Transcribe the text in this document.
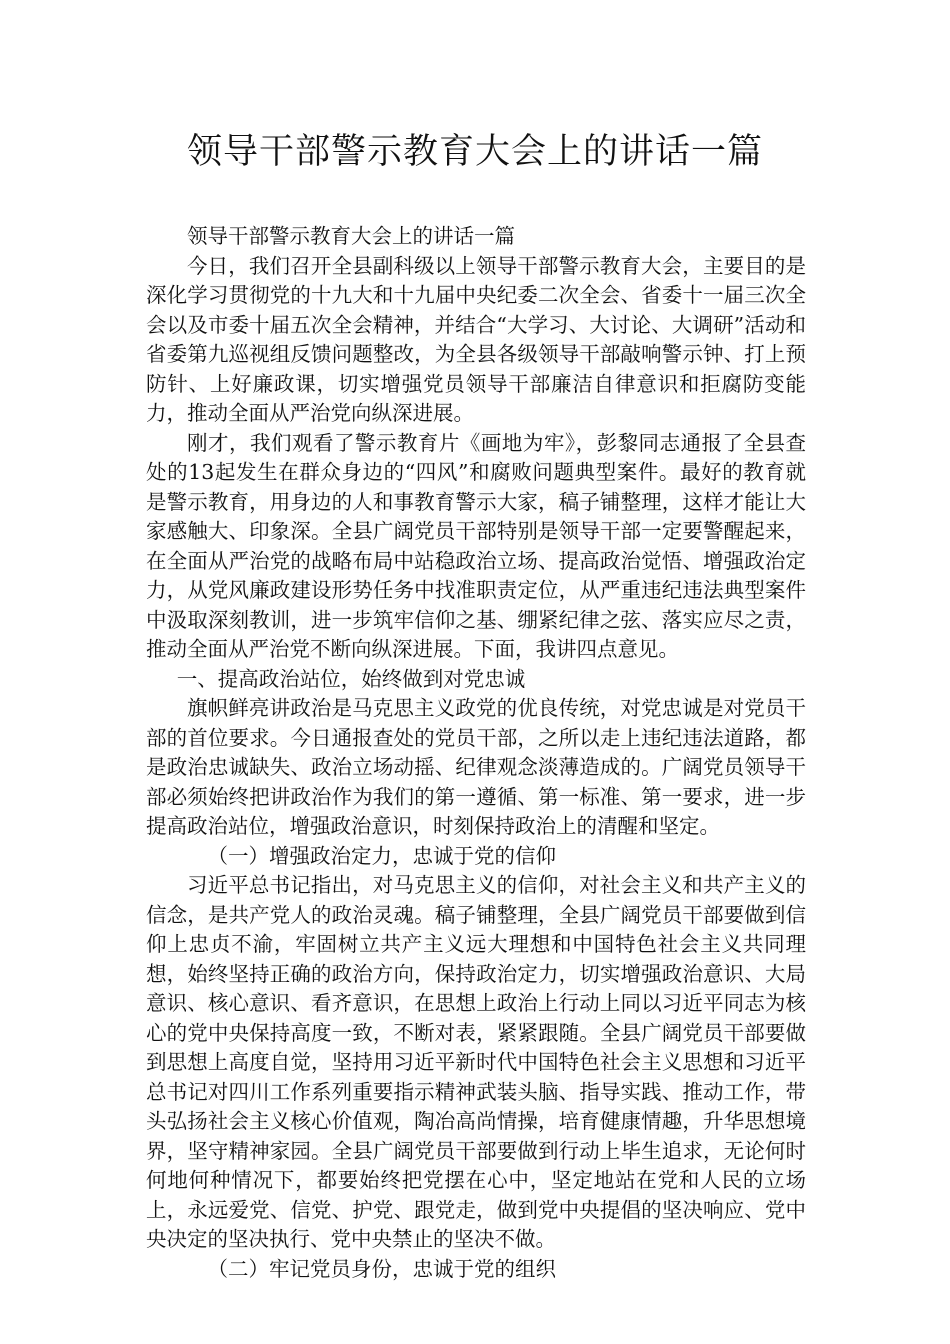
领导干部警示教育大会上的讲话一篇

领导干部警示教育大会上的讲话一篇

今日，我们召开全县副科级以上领导干部警示教育大会，主要目的是深化学习贯彻党的十九大和十九届中央纪委二次全会、省委十一届三次全会以及市委十届五次全会精神，并结合“大学习、大讨论、大调研”活动和省委第九巡视组反馈问题整改，为全县各级领导干部敲响警示钟、打上预防针、上好廉政课，切实增强党员领导干部廉洁自律意识和拒腐防变能力，推动全面从严治党向纵深进展。

刚才，我们观看了警示教育片《画地为牢》，彭黎同志通报了全县查处的13起发生在群众身边的“四风”和腐败问题典型案件。最好的教育就是警示教育，用身边的人和事教育警示大家，稿子铺整理，这样才能让大家感触大、印象深。全县广阔党员干部特别是领导干部一定要警醒起来，在全面从严治党的战略布局中站稳政治立场、提高政治觉悟、增强政治定力，从党风廉政建设形势任务中找准职责定位，从严重违纪违法典型案件中汲取深刻教训，进一步筑牢信仰之基、绷紧纪律之弦、落实应尽之责，推动全面从严治党不断向纵深进展。下面，我讲四点意见。

一、提高政治站位，始终做到对党忠诚

旗帜鲜亮讲政治是马克思主义政党的优良传统，对党忠诚是对党员干部的首位要求。今日通报查处的党员干部，之所以走上违纪违法道路，都是政治忠诚缺失、政治立场动摇、纪律观念淡薄造成的。广阔党员领导干部必须始终把讲政治作为我们的第一遵循、第一标准、第一要求，进一步提高政治站位，增强政治意识，时刻保持政治上的清醒和坚定。

（一）增强政治定力，忠诚于党的信仰

习近平总书记指出，对马克思主义的信仰，对社会主义和共产主义的信念，是共产党人的政治灵魂。稿子铺整理，全县广阔党员干部要做到信仰上忠贞不渝，牢固树立共产主义远大理想和中国特色社会主义共同理想，始终坚持正确的政治方向，保持政治定力，切实增强政治意识、大局意识、核心意识、看齐意识，在思想上政治上行动上同以习近平同志为核心的党中央保持高度一致，不断对表，紧紧跟随。全县广阔党员干部要做到思想上高度自觉，坚持用习近平新时代中国特色社会主义思想和习近平总书记对四川工作系列重要指示精神武装头脑、指导实践、推动工作，带头弘扬社会主义核心价值观，陶冶高尚情操，培育健康情趣，升华思想境界，坚守精神家园。全县广阔党员干部要做到行动上毕生追求，无论何时何地何种情况下，都要始终把党摆在心中，坚定地站在党和人民的立场上，永远爱党、信党、护党、跟党走，做到党中央提倡的坚决响应、党中央决定的坚决执行、党中央禁止的坚决不做。

（二）牢记党员身份，忠诚于党的组织
